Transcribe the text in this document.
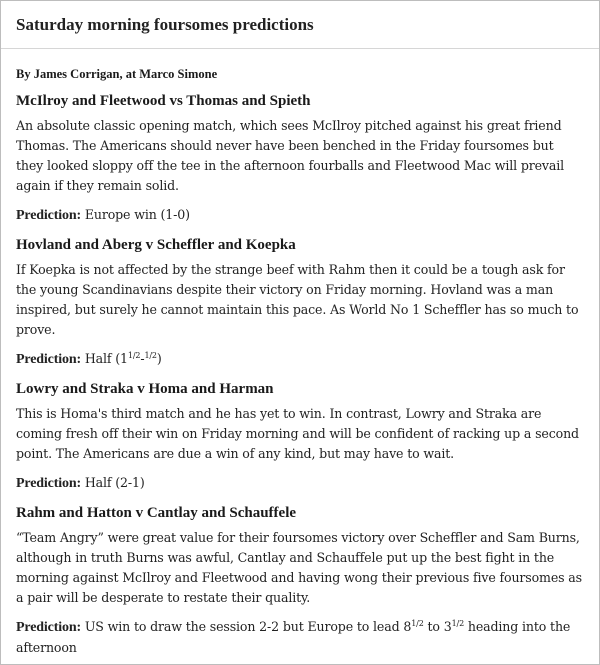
Saturday morning foursomes predictions

By James Corrigan, at Marco Simone

McIlroy and Fleetwood vs Thomas and Spieth

An absolute classic opening match, which sees McIlroy pitched against his great friend Thomas. The Americans should never have been benched in the Friday foursomes but they looked sloppy off the tee in the afternoon fourballs and Fleetwood Mac will prevail again if they remain solid.

Prediction: Europe win (1-0)

Hovland and Aberg v Scheffler and Koepka

If Koepka is not affected by the strange beef with Rahm then it could be a tough ask for the young Scandinavians despite their victory on Friday morning. Hovland was a man inspired, but surely he cannot maintain this pace. As World No 1 Scheffler has so much to prove.

Prediction: Half $(1^{1/2}-^{1/2})$

Lowry and Straka v Homa and Harman

This is Homa's third match and he has yet to win. In contrast, Lowry and Straka are coming fresh off their win on Friday morning and will be confident of racking up a second point. The Americans are due a win of any kind, but may have to wait.

Prediction: Half (2-1)

Rahm and Hatton v Cantlay and Schauffele

“Team Angry” were great value for their foursomes victory over Scheffler and Sam Burns, although in truth Burns was awful, Cantlay and Schauffele put up the best fight in the morning against McIlroy and Fleetwood and having wong their previous five foursomes as a pair will be desperate to restate their quality.

Prediction: US win to draw the session 2-2 but Europe to lead $8^{1/2}$ to $3^{1/2}$ heading into the afternoon
